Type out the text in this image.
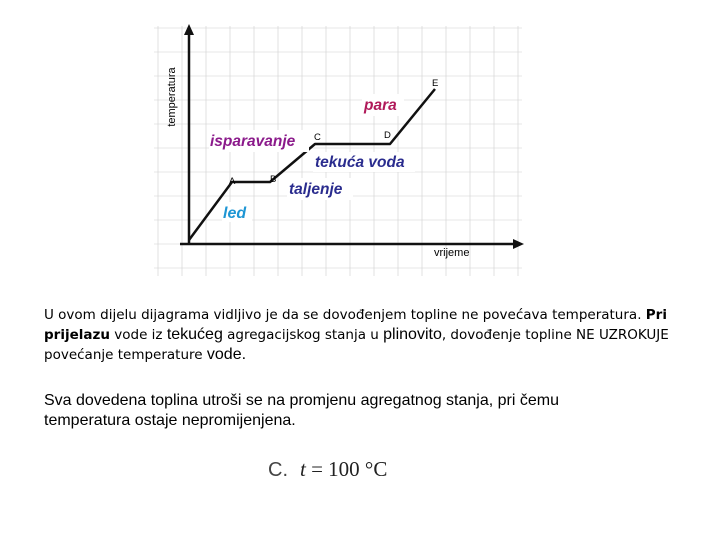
temperatura
vrijeme
A	B
C	D
E
led
taljenje
tekuća voda
isparavanje
para
U ovom dijelu dijagrama vidljivo je da se dovođenjem topline ne povećava temperatura. Pri prijelazu vode iz tekućeg agregacijskog stanja u plinovito, dovođenje topline NE UZROKUJE povećanje temperature vode.
Sva dovedena toplina utroši se na promjenu agregatnog stanja, pri čemu temperatura ostaje nepromijenjena.
C. t = 100 °C
